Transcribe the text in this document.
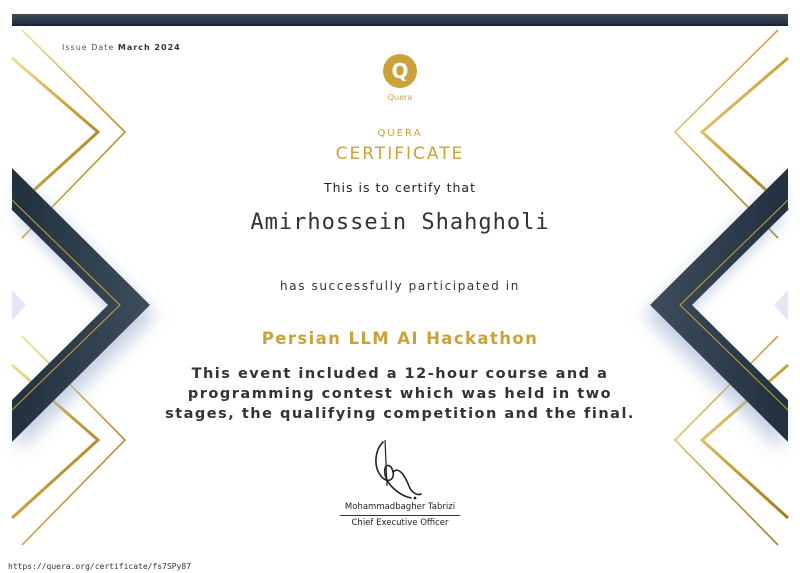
Issue Date March 2024
Q
Quera
QUERA
CERTIFICATE
This is to certify that
Amirhossein Shahgholi
has successfully participated in
Persian LLM AI Hackathon
This event included a 12-hour course and a
programming contest which was held in two
stages, the qualifying competition and the final.
Mohammadbagher Tabrizi
Chief Executive Officer
https://quera.org/certificate/fs7SPy87
